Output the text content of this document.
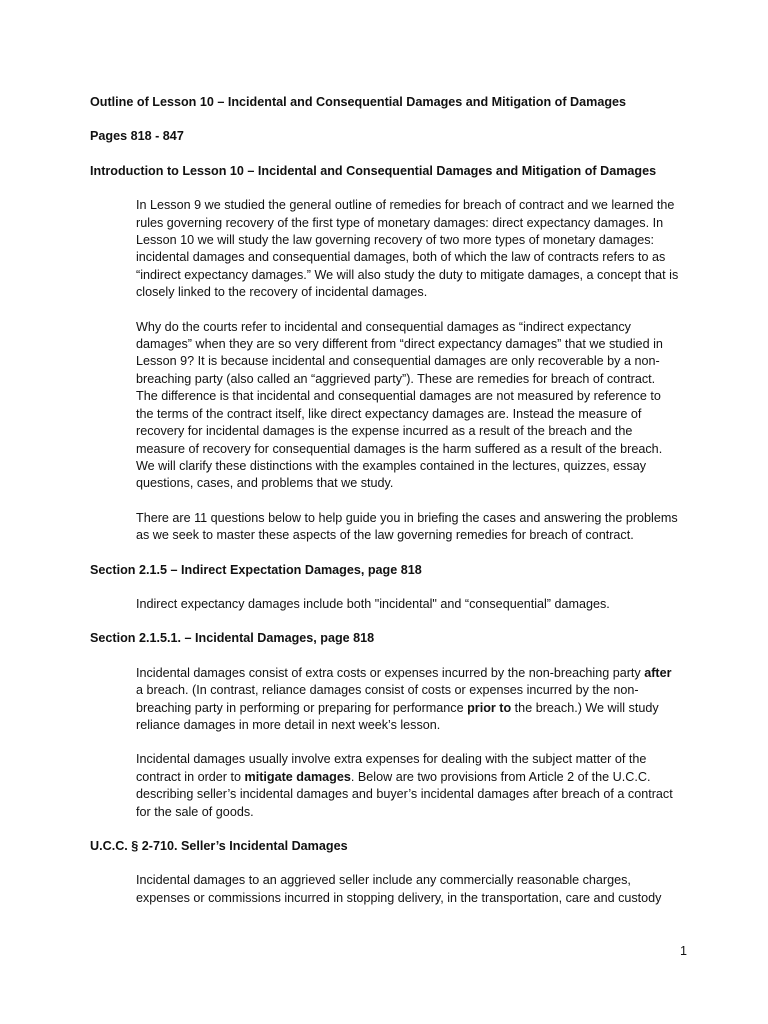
Outline of Lesson 10 – Incidental and Consequential Damages and Mitigation of Damages
Pages 818 - 847
Introduction to Lesson 10 – Incidental and Consequential Damages and Mitigation of Damages
In Lesson 9 we studied the general outline of remedies for breach of contract and we learned the rules governing recovery of the first type of monetary damages: direct expectancy damages. In Lesson 10 we will study the law governing recovery of two more types of monetary damages: incidental damages and consequential damages, both of which the law of contracts refers to as “indirect expectancy damages.” We will also study the duty to mitigate damages, a concept that is closely linked to the recovery of incidental damages.
Why do the courts refer to incidental and consequential damages as “indirect expectancy damages” when they are so very different from “direct expectancy damages” that we studied in Lesson 9? It is because incidental and consequential damages are only recoverable by a non-breaching party (also called an “aggrieved party”). These are remedies for breach of contract. The difference is that incidental and consequential damages are not measured by reference to the terms of the contract itself, like direct expectancy damages are. Instead the measure of recovery for incidental damages is the expense incurred as a result of the breach and the measure of recovery for consequential damages is the harm suffered as a result of the breach. We will clarify these distinctions with the examples contained in the lectures, quizzes, essay questions, cases, and problems that we study.
There are 11 questions below to help guide you in briefing the cases and answering the problems as we seek to master these aspects of the law governing remedies for breach of contract.
Section 2.1.5 – Indirect Expectation Damages, page 818
Indirect expectancy damages include both "incidental" and “consequential” damages.
Section 2.1.5.1. – Incidental Damages, page 818
Incidental damages consist of extra costs or expenses incurred by the non-breaching party after a breach. (In contrast, reliance damages consist of costs or expenses incurred by the non-breaching party in performing or preparing for performance prior to the breach.) We will study reliance damages in more detail in next week’s lesson.
Incidental damages usually involve extra expenses for dealing with the subject matter of the contract in order to mitigate damages. Below are two provisions from Article 2 of the U.C.C. describing seller’s incidental damages and buyer’s incidental damages after breach of a contract for the sale of goods.
U.C.C. § 2-710. Seller’s Incidental Damages
Incidental damages to an aggrieved seller include any commercially reasonable charges, expenses or commissions incurred in stopping delivery, in the transportation, care and custody
1
